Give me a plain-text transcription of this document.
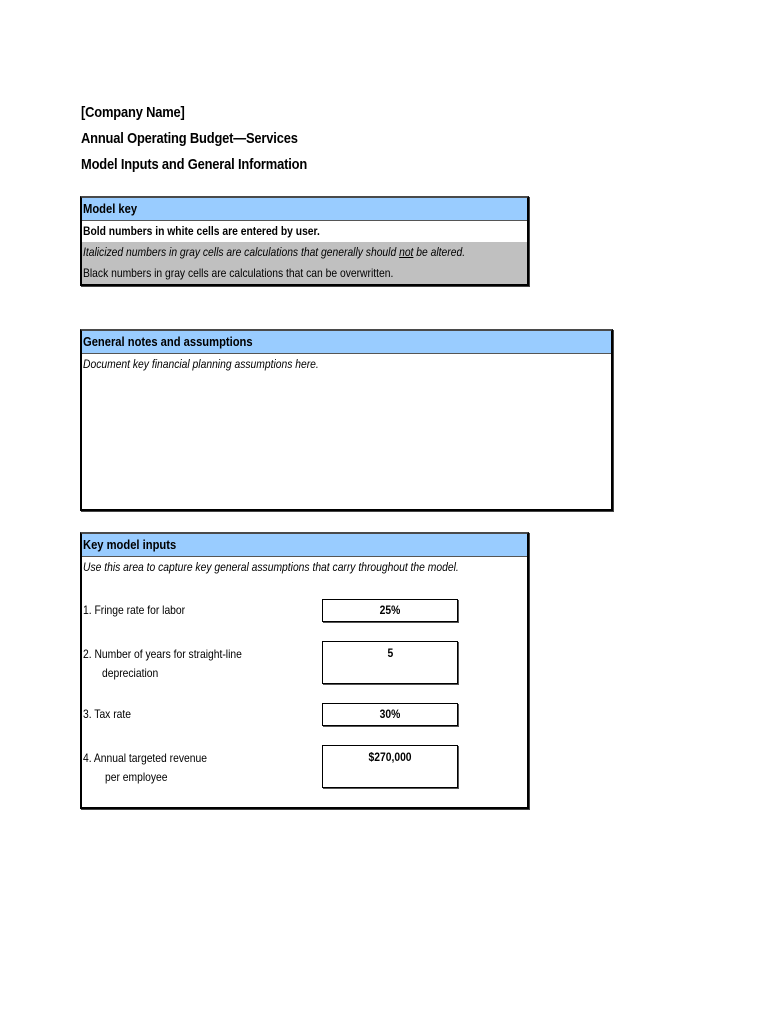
[Company Name]
Annual Operating Budget—Services
Model Inputs and General Information
Model key
Bold numbers in white cells are entered by user.
Italicized numbers in gray cells are calculations that generally should not be altered.
Black numbers in gray cells are calculations that can be overwritten.
General notes and assumptions
Document key financial planning assumptions here.
Key model inputs
Use this area to capture key general assumptions that carry throughout the model.
1. Fringe rate for labor	25%
2. Number of years for straight-line
depreciation
5
3. Tax rate	30%
4. Annual targeted revenue
per employee
$270,000
